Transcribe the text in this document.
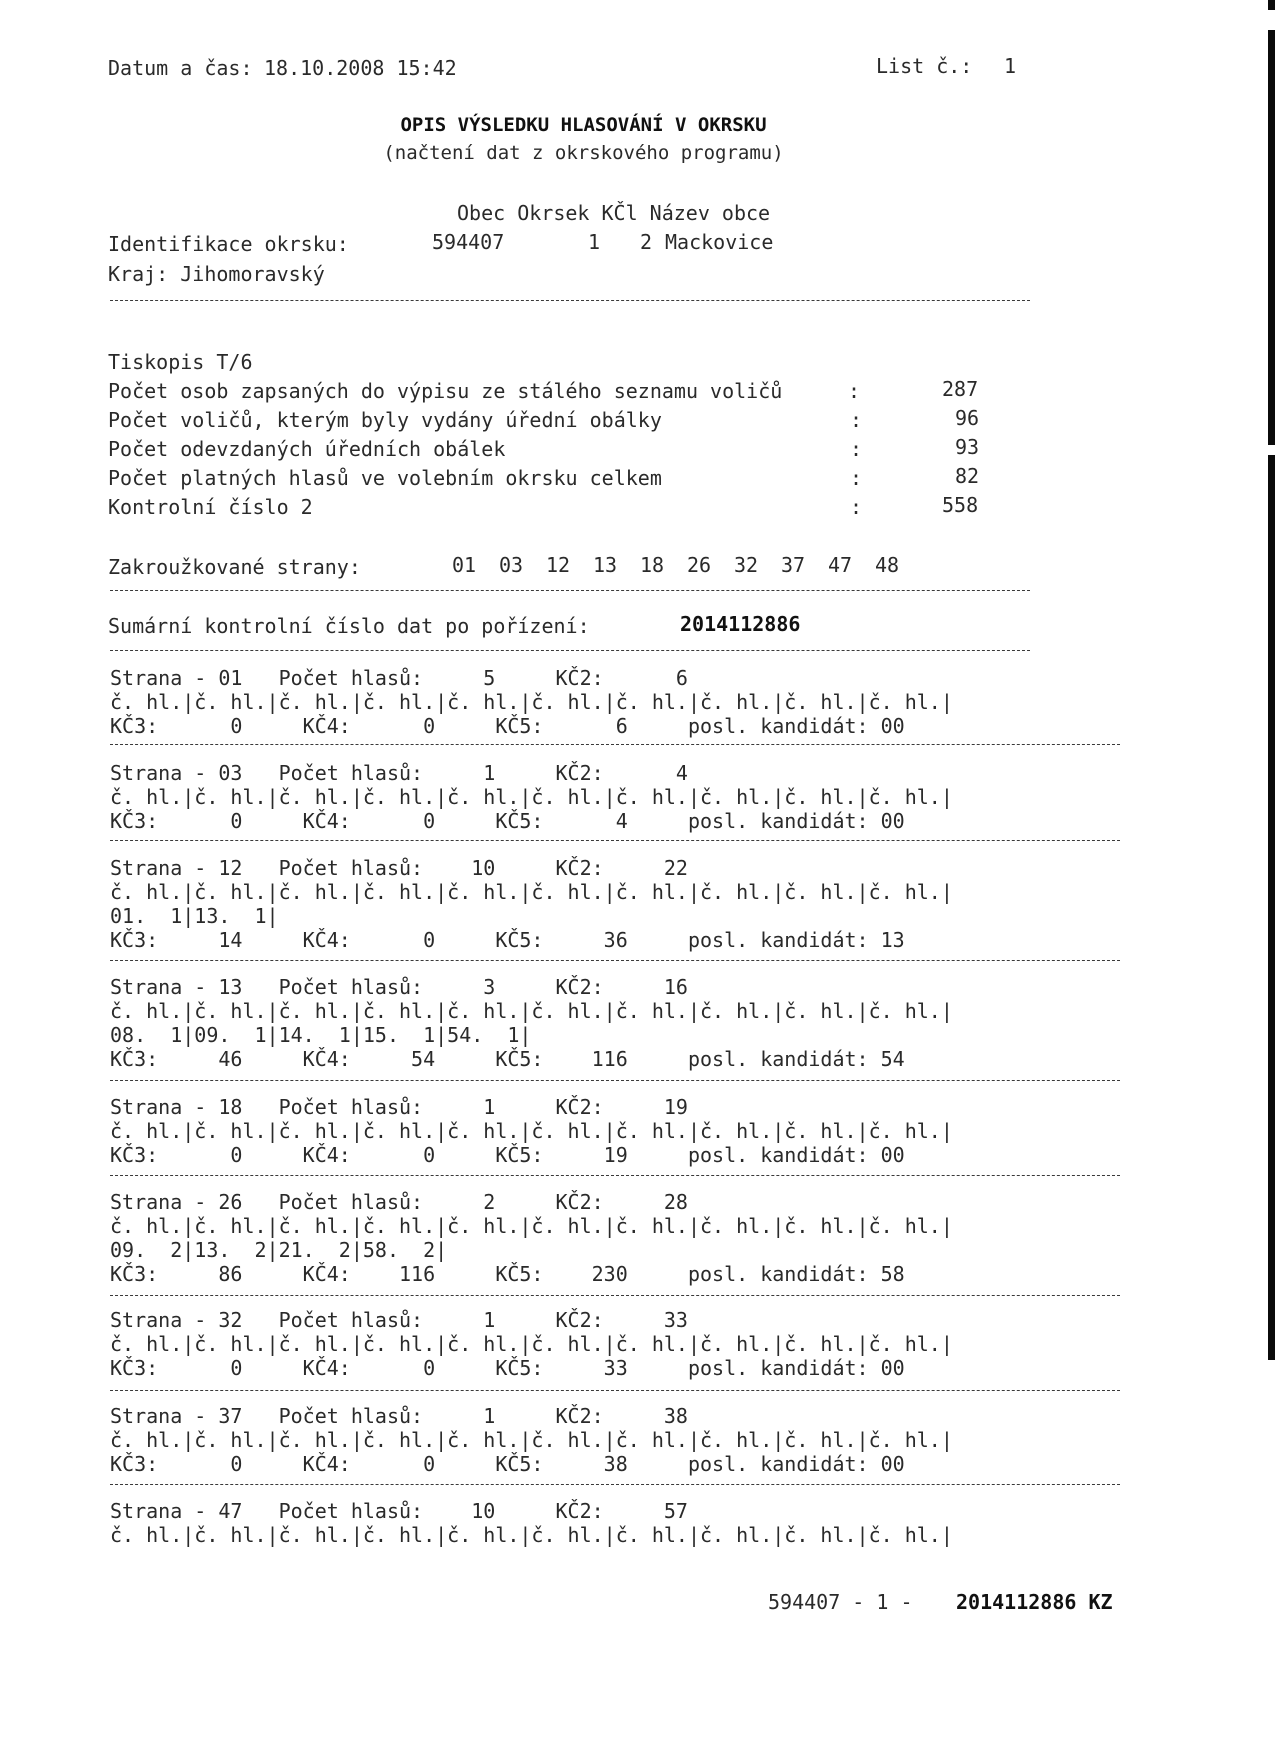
Datum a čas: 18.10.2008 15:42	List č.: 1
OPIS VÝSLEDKU HLASOVÁNÍ V OKRSKU
(načtení dat z okrskového programu)
Obec Okrsek KČl Název obce
Identifikace okrsku:	594407	1 2 Mackovice
Kraj: Jihomoravský
Tiskopis T/6
Počet osob zapsaných do výpisu ze stálého seznamu voličů	:	287
Počet voličů, kterým byly vydány úřední obálky	:	96
Počet odevzdaných úředních obálek	:	93
Počet platných hlasů ve volebním okrsku celkem	:	82
Kontrolní číslo 2	:	558
Zakroužkované strany:	01 03 12 13 18 26 32 37 47 48
Sumární kontrolní číslo dat po pořízení:	2014112886
Strana - 01   Počet hlasů:     5     KČ2:      6
č. hl.|č. hl.|č. hl.|č. hl.|č. hl.|č. hl.|č. hl.|č. hl.|č. hl.|č. hl.|
KČ3:      0     KČ4:      0     KČ5:      6     posl. kandidát: 00
Strana - 03   Počet hlasů:     1     KČ2:      4
č. hl.|č. hl.|č. hl.|č. hl.|č. hl.|č. hl.|č. hl.|č. hl.|č. hl.|č. hl.|
KČ3:      0     KČ4:      0     KČ5:      4     posl. kandidát: 00
Strana - 12   Počet hlasů:    10     KČ2:     22
č. hl.|č. hl.|č. hl.|č. hl.|č. hl.|č. hl.|č. hl.|č. hl.|č. hl.|č. hl.|
01.  1|13.  1|
KČ3:     14     KČ4:      0     KČ5:     36     posl. kandidát: 13
Strana - 13   Počet hlasů:     3     KČ2:     16
č. hl.|č. hl.|č. hl.|č. hl.|č. hl.|č. hl.|č. hl.|č. hl.|č. hl.|č. hl.|
08.  1|09.  1|14.  1|15.  1|54.  1|
KČ3:     46     KČ4:     54     KČ5:    116     posl. kandidát: 54
Strana - 18   Počet hlasů:     1     KČ2:     19
č. hl.|č. hl.|č. hl.|č. hl.|č. hl.|č. hl.|č. hl.|č. hl.|č. hl.|č. hl.|
KČ3:      0     KČ4:      0     KČ5:     19     posl. kandidát: 00
Strana - 26   Počet hlasů:     2     KČ2:     28
č. hl.|č. hl.|č. hl.|č. hl.|č. hl.|č. hl.|č. hl.|č. hl.|č. hl.|č. hl.|
09.  2|13.  2|21.  2|58.  2|
KČ3:     86     KČ4:    116     KČ5:    230     posl. kandidát: 58
Strana - 32   Počet hlasů:     1     KČ2:     33
č. hl.|č. hl.|č. hl.|č. hl.|č. hl.|č. hl.|č. hl.|č. hl.|č. hl.|č. hl.|
KČ3:      0     KČ4:      0     KČ5:     33     posl. kandidát: 00
Strana - 37   Počet hlasů:     1     KČ2:     38
č. hl.|č. hl.|č. hl.|č. hl.|č. hl.|č. hl.|č. hl.|č. hl.|č. hl.|č. hl.|
KČ3:      0     KČ4:      0     KČ5:     38     posl. kandidát: 00
Strana - 47   Počet hlasů:    10     KČ2:     57
č. hl.|č. hl.|č. hl.|č. hl.|č. hl.|č. hl.|č. hl.|č. hl.|č. hl.|č. hl.|
594407 - 1 - 2014112886 KZ
